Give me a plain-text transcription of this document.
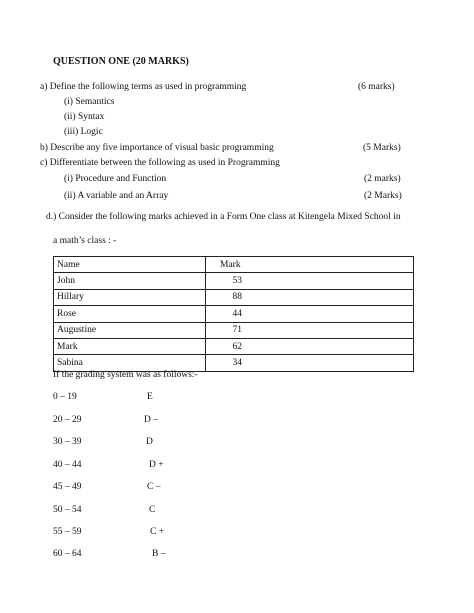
QUESTION ONE (20 MARKS)
a) Define the following terms as used in programming	(6 marks)
(i) Semantics
(ii) Syntax
(iii) Logic
b) Describe any five importance of visual basic programming	(5 Marks)
c) Differentiate between the following as used in Programming
(i) Procedure and Function	(2 marks)
(ii) A variable and an Array	(2 Marks)
d.) Consider the following marks achieved in a Form One class at Kitengela Mixed School in
a math’s class : -
Name	Mark
John	53
Hillary	88
Rose	44
Augustine	71
Mark	62
Sabina	34
If the grading system was as follows:-
0 – 19	E
20 – 29	D –
30 – 39	D
40 – 44	D +
45 – 49	C –
50 – 54	C
55 – 59	C +
60 – 64	B –
